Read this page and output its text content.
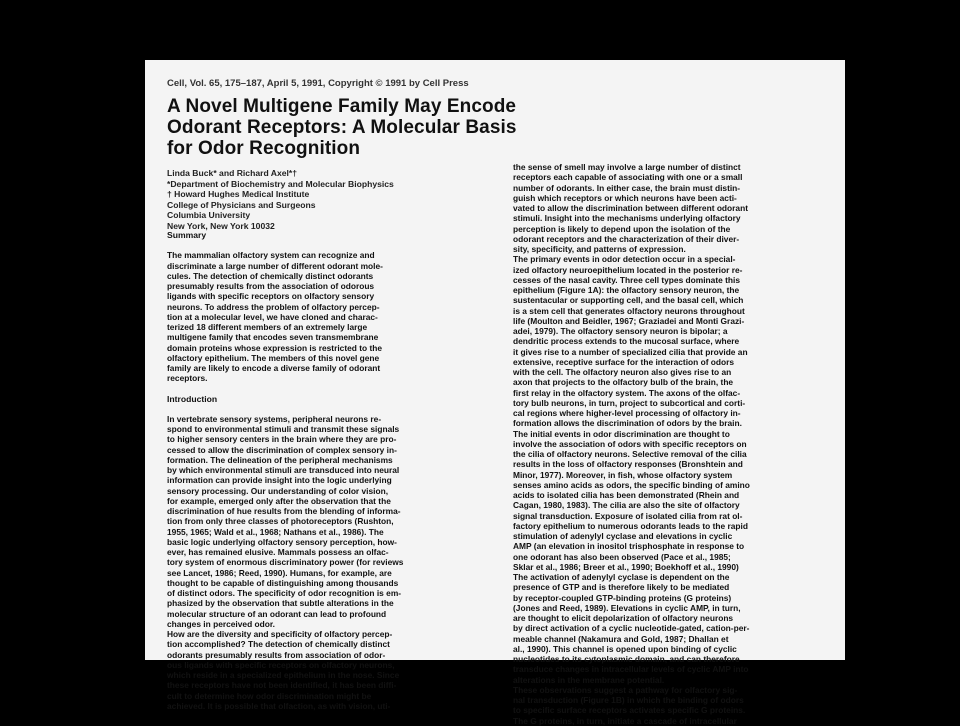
Cell, Vol. 65, 175–187, April 5, 1991, Copyright © 1991 by Cell Press
A Novel Multigene Family May Encode
Odorant Receptors: A Molecular Basis
for Odor Recognition
Linda Buck* and Richard Axel*†
*Department of Biochemistry and Molecular Biophysics
† Howard Hughes Medical Institute
College of Physicians and Surgeons
Columbia University
New York, New York 10032
Summary
The mammalian olfactory system can recognize and
discriminate a large number of different odorant mole-
cules. The detection of chemically distinct odorants
presumably results from the association of odorous
ligands with specific receptors on olfactory sensory
neurons. To address the problem of olfactory percep-
tion at a molecular level, we have cloned and charac-
terized 18 different members of an extremely large
multigene family that encodes seven transmembrane
domain proteins whose expression is restricted to the
olfactory epithelium. The members of this novel gene
family are likely to encode a diverse family of odorant
receptors.
Introduction
In vertebrate sensory systems, peripheral neurons re-
spond to environmental stimuli and transmit these signals
to higher sensory centers in the brain where they are pro-
cessed to allow the discrimination of complex sensory in-
formation. The delineation of the peripheral mechanisms
by which environmental stimuli are transduced into neural
information can provide insight into the logic underlying
sensory processing. Our understanding of color vision,
for example, emerged only after the observation that the
discrimination of hue results from the blending of informa-
tion from only three classes of photoreceptors (Rushton,
1955, 1965; Wald et al., 1968; Nathans et al., 1986). The
basic logic underlying olfactory sensory perception, how-
ever, has remained elusive. Mammals possess an olfac-
tory system of enormous discriminatory power (for reviews
see Lancet, 1986; Reed, 1990). Humans, for example, are
thought to be capable of distinguishing among thousands
of distinct odors. The specificity of odor recognition is em-
phasized by the observation that subtle alterations in the
molecular structure of an odorant can lead to profound
changes in perceived odor.
How are the diversity and specificity of olfactory percep-
tion accomplished? The detection of chemically distinct
odorants presumably results from association of odor-
ous ligands with specific receptors on olfactory neurons,
which reside in a specialized epithelium in the nose. Since
these receptors have not been identified, it has been diffi-
cult to determine how odor discrimination might be
achieved. It is possible that olfaction, as with vision, uti-
the sense of smell may involve a large number of distinct
receptors each capable of associating with one or a small
number of odorants. In either case, the brain must distin-
guish which receptors or which neurons have been acti-
vated to allow the discrimination between different odorant
stimuli. Insight into the mechanisms underlying olfactory
perception is likely to depend upon the isolation of the
odorant receptors and the characterization of their diver-
sity, specificity, and patterns of expression.
The primary events in odor detection occur in a special-
ized olfactory neuroepithelium located in the posterior re-
cesses of the nasal cavity. Three cell types dominate this
epithelium (Figure 1A): the olfactory sensory neuron, the
sustentacular or supporting cell, and the basal cell, which
is a stem cell that generates olfactory neurons throughout
life (Moulton and Beidler, 1967; Graziadei and Monti Grazi-
adei, 1979). The olfactory sensory neuron is bipolar; a
dendritic process extends to the mucosal surface, where
it gives rise to a number of specialized cilia that provide an
extensive, receptive surface for the interaction of odors
with the cell. The olfactory neuron also gives rise to an
axon that projects to the olfactory bulb of the brain, the
first relay in the olfactory system. The axons of the olfac-
tory bulb neurons, in turn, project to subcortical and corti-
cal regions where higher-level processing of olfactory in-
formation allows the discrimination of odors by the brain.
The initial events in odor discrimination are thought to
involve the association of odors with specific receptors on
the cilia of olfactory neurons. Selective removal of the cilia
results in the loss of olfactory responses (Bronshtein and
Minor, 1977). Moreover, in fish, whose olfactory system
senses amino acids as odors, the specific binding of amino
acids to isolated cilia has been demonstrated (Rhein and
Cagan, 1980, 1983). The cilia are also the site of olfactory
signal transduction. Exposure of isolated cilia from rat ol-
factory epithelium to numerous odorants leads to the rapid
stimulation of adenylyl cyclase and elevations in cyclic
AMP (an elevation in inositol trisphosphate in response to
one odorant has also been observed (Pace et al., 1985;
Sklar et al., 1986; Breer et al., 1990; Boekhoff et al., 1990)
The activation of adenylyl cyclase is dependent on the
presence of GTP and is therefore likely to be mediated
by receptor-coupled GTP-binding proteins (G proteins)
(Jones and Reed, 1989). Elevations in cyclic AMP, in turn,
are thought to elicit depolarization of olfactory neurons
by direct activation of a cyclic nucleotide-gated, cation-per-
meable channel (Nakamura and Gold, 1987; Dhallan et
al., 1990). This channel is opened upon binding of cyclic
nucleotides to its cytoplasmic domain, and can therefore
transduce changes in intracellular levels of cyclic AMP into
alterations in the membrane potential.
These observations suggest a pathway for olfactory sig-
nal transduction (Figure 1B) in which the binding of odors
to specific surface receptors activates specific G proteins.
The G proteins, in turn, initiate a cascade of intracellular
